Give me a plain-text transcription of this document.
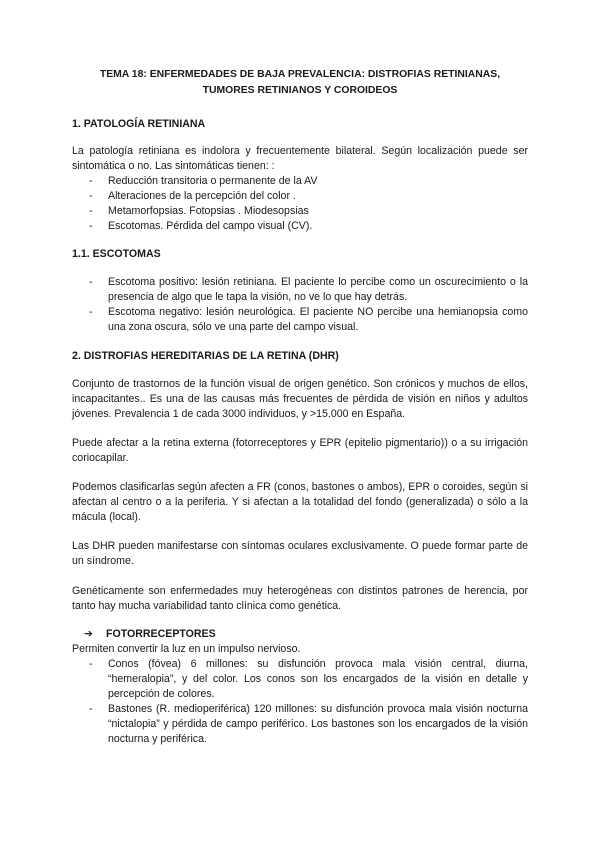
TEMA 18: ENFERMEDADES DE BAJA PREVALENCIA: DISTROFIAS RETINIANAS,
TUMORES RETINIANOS Y COROIDEOS
1. PATOLOGÍA RETINIANA

La patología retiniana es indolora y frecuentemente bilateral. Según localización puede ser sintomática o no. Las sintomáticas tienen: :

- Reducción transitoria o permanente de la AV
- Alteraciones de la percepción del color .
- Metamorfopsias. Fotopsias . Miodesopsias
- Escotomas. Pérdida del campo visual (CV).
1.1. ESCOTOMAS
- Escotoma positivo: lesión retiniana. El paciente lo percibe como un oscurecimiento o la presencia de algo que le tapa la visión, no ve lo que hay detrás.
- Escotoma negativo: lesión neurológica. El paciente NO percibe una hemianopsia como una zona oscura, sólo ve una parte del campo visual.
2. DISTROFIAS HEREDITARIAS DE LA RETINA (DHR)

Conjunto de trastornos de la función visual de origen genético. Son crónicos y muchos de ellos, incapacitantes.. Es una de las causas más frecuentes de pérdida de visión en niños y adultos jóvenes. Prevalencia 1 de cada 3000 individuos, y >15.000 en España.

Puede afectar a la retina externa (fotorreceptores y EPR (epitelio pigmentario)) o a su irrigación coriocapilar.

Podemos clasificarlas según afecten a FR (conos, bastones o ambos), EPR o coroides, según si afectan al centro o a la periferia. Y si afectan a la totalidad del fondo (generalizada) o sólo a la mácula (local).

Las DHR pueden manifestarse con síntomas oculares exclusivamente. O puede formar parte de un síndrome.

Genéticamente son enfermedades muy heterogéneas con distintos patrones de herencia, por tanto hay mucha variabilidad tanto clínica como genética.

➔ FOTORRECEPTORES

Permiten convertir la luz en un impulso nervioso.

- Conos (fóvea) 6 millones: su disfunción provoca mala visión central, diurna, “hemeralopia”, y del color. Los conos son los encargados de la visión en detalle y percepción de colores.
- Bastones (R. medioperiférica) 120 millones: su disfunción provoca mala visión nocturna “nictalopia” y pérdida de campo periférico. Los bastones son los encargados de la visión nocturna y periférica.
